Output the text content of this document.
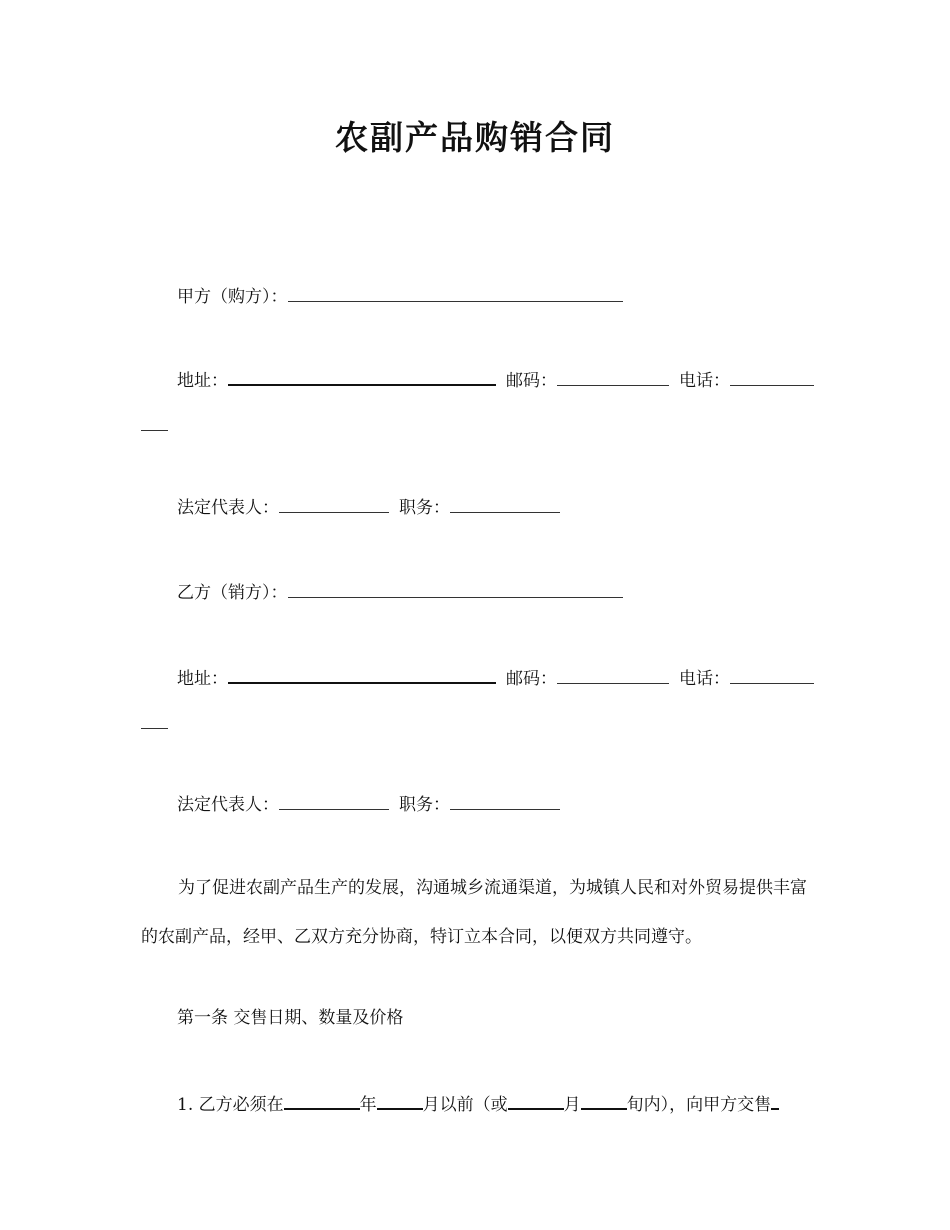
农副产品购销合同
甲方（购方）：
地址：	邮码：	电话：
法定代表人：	职务：
乙方（销方）：
地址：	邮码：	电话：
法定代表人：	职务：
为了促进农副产品生产的发展，沟通城乡流通渠道，为城镇人民和对外贸易提供丰富的农副产品，经甲、乙双方充分协商，特订立本合同，以便双方共同遵守。
第一条 交售日期、数量及价格
1. 乙方必须在	年	月以前（或	月	旬内），向甲方交售
